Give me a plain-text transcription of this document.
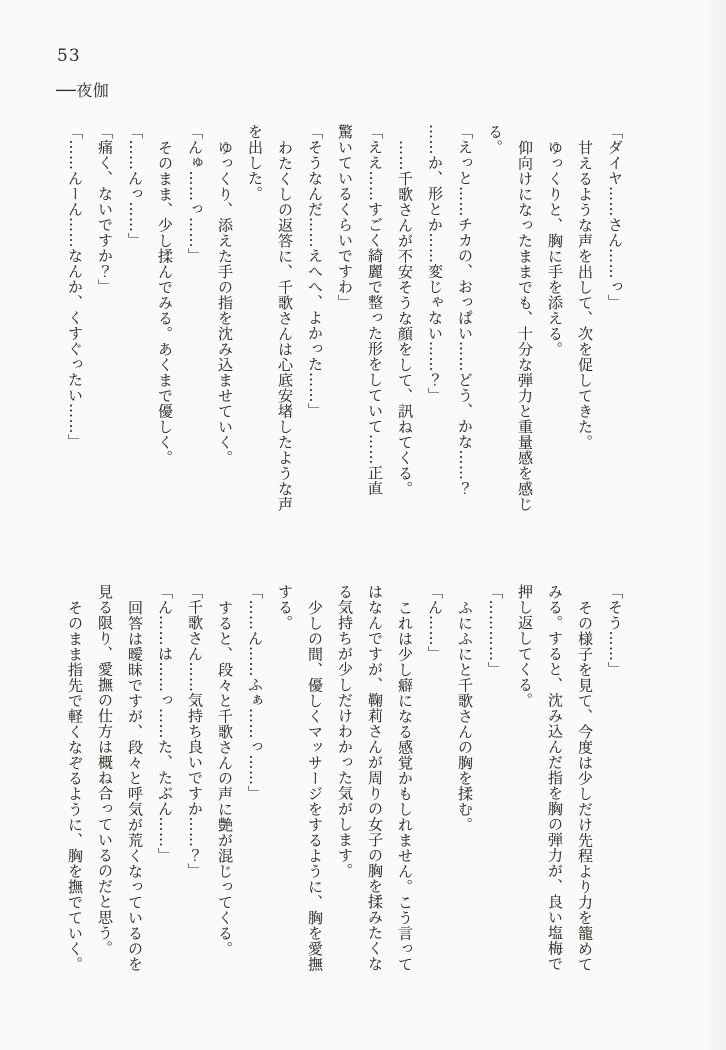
53
──夜伽

「ダイヤ……さん……っ」

甘えるような声を出して、次を促してきた。

ゆっくりと、胸に手を添える。

仰向けになったままでも、十分な弾力と重量感を感じ

る。

「えっと……チカの、おっぱい……どう、かな……？

……か、形とか……変じゃない……？」

……千歌さんが不安そうな顔をして、訊ねてくる。

「ええ……すごく綺麗で整った形をしていて……正直

驚いているくらいですわ」

「そうなんだ……えへへ、よかった……」

わたくしの返答に、千歌さんは心底安堵したような声

を出した。

ゆっくり、添えた手の指を沈み込ませていく。

「んゅ……っ……」

そのまま、少し揉んでみる。あくまで優しく。

「……んっ……」

「痛く、ないですか？」

「……んーん……なんか、くすぐったい……」

「そう……」

その様子を見て、今度は少しだけ先程より力を籠めて

みる。すると、沈み込んだ指を胸の弾力が、良い塩梅で

押し返してくる。

「…………」

ふにふにと千歌さんの胸を揉む。

「ん……」

これは少し癖になる感覚かもしれません。こう言って

はなんですが、鞠莉さんが周りの女子の胸を揉みたくな

る気持ちが少しだけわかった気がします。

少しの間、優しくマッサージをするように、胸を愛撫

する。

「……ん……ふぁ……っ……」

すると、段々と千歌さんの声に艶が混じってくる。

「千歌さん……気持ち良いですか……？」

「ん……は……っ……た、たぶん……」

回答は曖昧ですが、段々と呼気が荒くなっているのを

見る限り、愛撫の仕方は概ね合っているのだと思う。

そのまま指先で軽くなぞるように、胸を撫でていく。
